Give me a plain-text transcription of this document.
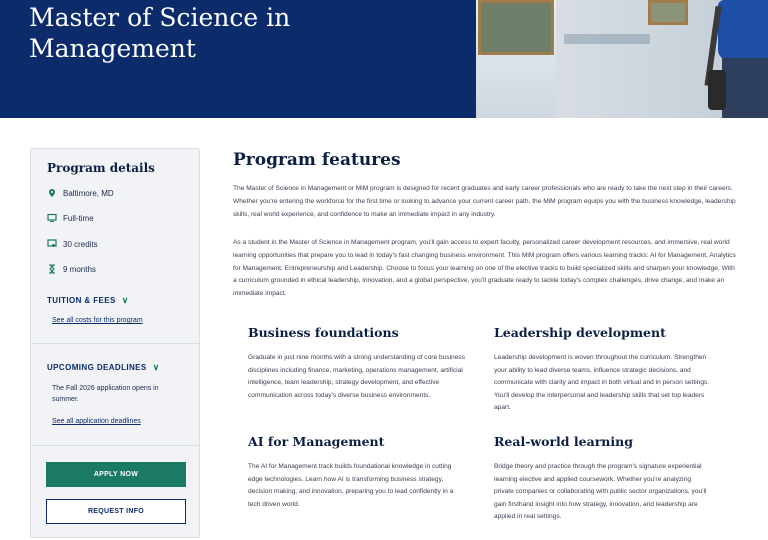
Master of Science in Management
Program details
Baltimore, MD
Full-time
30 credits
9 months
TUITION & FEES ∨
See all costs for this program
UPCOMING DEADLINES ∨
The Fall 2026 application opens in summer.
See all application deadlines
APPLY NOW
REQUEST INFO
Program features

The Master of Science in Management or MiM program is designed for recent graduates and early career professionals who are ready to take the next step in their careers. Whether you're entering the workforce for the first time or looking to advance your current career path, the MiM program equips you with the business knowledge, leadership skills, real world experience, and confidence to make an immediate impact in any industry.

As a student in the Master of Science in Management program, you'll gain access to expert faculty, personalized career development resources, and immersive, real world learning opportunities that prepare you to lead in today's fast changing business environment. This MiM program offers various learning tracks: AI for Management, Analytics for Management, Entrepreneurship and Leadership. Choose to focus your learning on one of the elective tracks to build specialized skills and sharpen your knowledge. With a curriculum grounded in ethical leadership, innovation, and a global perspective, you'll graduate ready to tackle today's complex challenges, drive change, and make an immediate impact.

Business foundations

Graduate in just nine months with a strong understanding of core business disciplines including finance, marketing, operations management, artificial intelligence, team leadership, strategy development, and effective communication across today's diverse business environments.

Leadership development

Leadership development is woven throughout the curriculum. Strengthen your ability to lead diverse teams, influence strategic decisions, and communicate with clarity and impact in both virtual and in person settings. You'll develop the interpersonal and leadership skills that set top leaders apart.

AI for Management

The AI for Management track builds foundational knowledge in cutting edge technologies. Learn how AI is transforming business strategy, decision making, and innovation, preparing you to lead confidently in a tech driven world.

Real-world learning

Bridge theory and practice through the program's signature experiential learning elective and applied coursework. Whether you're analyzing private companies or collaborating with public sector organizations, you'll gain firsthand insight into how strategy, innovation, and leadership are applied in real settings.
